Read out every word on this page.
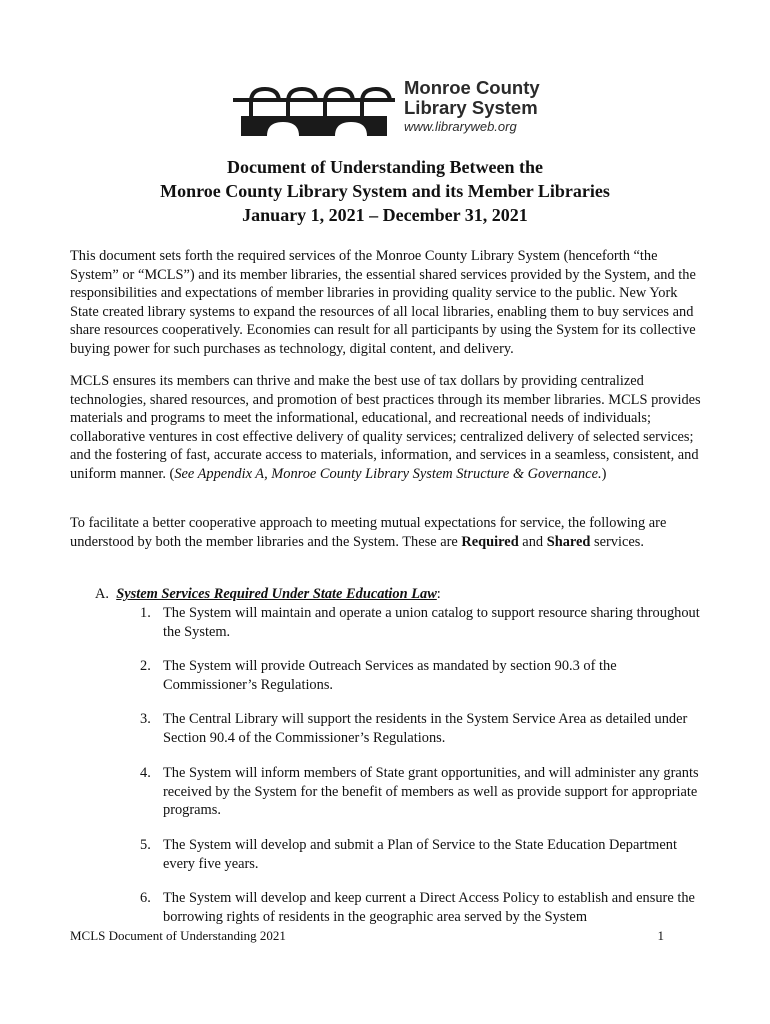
Monroe County
Library System
www.libraryweb.org
Document of Understanding Between the
Monroe County Library System and its Member Libraries
January 1, 2021 – December 31, 2021

This document sets forth the required services of the Monroe County Library System (henceforth “the System” or “MCLS”) and its member libraries, the essential shared services provided by the System, and the responsibilities and expectations of member libraries in providing quality service to the public. New York State created library systems to expand the resources of all local libraries, enabling them to buy services and share resources cooperatively. Economies can result for all participants by using the System for its collective buying power for such purchases as technology, digital content, and delivery.

MCLS ensures its members can thrive and make the best use of tax dollars by providing centralized technologies, shared resources, and promotion of best practices through its member libraries. MCLS provides materials and programs to meet the informational, educational, and recreational needs of individuals; collaborative ventures in cost effective delivery of quality services; centralized delivery of selected services; and the fostering of fast, accurate access to materials, information, and services in a seamless, consistent, and uniform manner. (See Appendix A, Monroe County Library System Structure & Governance.)

To facilitate a better cooperative approach to meeting mutual expectations for service, the following are understood by both the member libraries and the System. These are Required and Shared services.

A. System Services Required Under State Education Law:
1. The System will maintain and operate a union catalog to support resource sharing throughout the System.
2. The System will provide Outreach Services as mandated by section 90.3 of the Commissioner’s Regulations.
3. The Central Library will support the residents in the System Service Area as detailed under Section 90.4 of the Commissioner’s Regulations.
4. The System will inform members of State grant opportunities, and will administer any grants received by the System for the benefit of members as well as provide support for appropriate programs.
5. The System will develop and submit a Plan of Service to the State Education Department every five years.
6. The System will develop and keep current a Direct Access Policy to establish and ensure the borrowing rights of residents in the geographic area served by the System
MCLS Document of Understanding 2021	1
